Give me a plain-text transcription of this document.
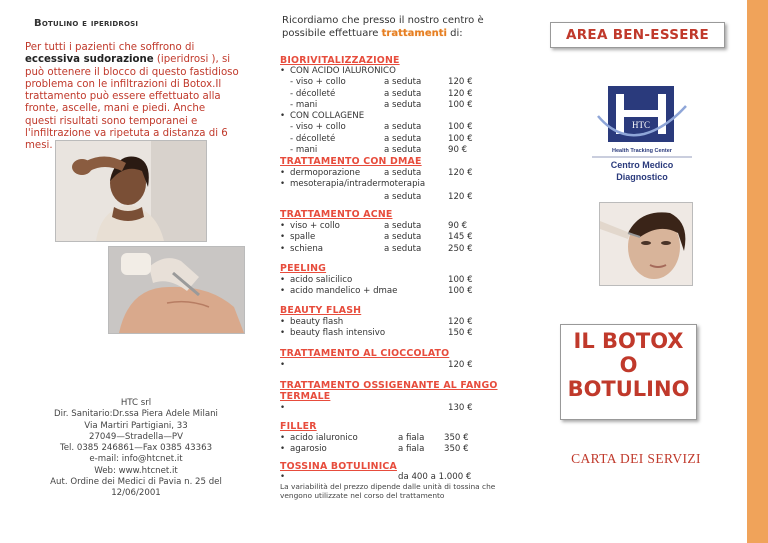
Botulino e iperidrosi
Per tutti i pazienti che soffrono di eccessiva sudorazione (iperidrosi ), si può ottenere il blocco di questo fastidioso problema con le infiltrazioni di Botox.Il trattamento può essere effettuato alla fronte, ascelle, mani e piedi. Anche questi risultati sono temporanei e l'infiltrazione va ripetuta a distanza di 6 mesi.
HTC srl
Dir. Sanitario:Dr.ssa Piera Adele Milani
Via Martiri Partigiani, 33
27049—Stradella—PV
Tel. 0385 246861—Fax 0385 43363
e-mail: info@htcnet.it
Web: www.htcnet.it
Aut. Ordine dei Medici di Pavia n. 25 del 12/06/2001
Ricordiamo che presso il nostro centro è possibile effettuare trattamenti di:
BIORIVITALIZZAZIONE
• CON ACIDO IALURONICO
- viso + collo	a seduta	120 €
- décolleté	a seduta	120 €
- mani	a seduta	100 €
• CON COLLAGENE
- viso + collo	a seduta	100 €
- décolleté	a seduta	100 €
- mani	a seduta	90 €
TRATTAMENTO CON DMAE
• dermoporazione	a seduta	120 €
• mesoterapia/intradermoterapia
a seduta	120 €
TRATTAMENTO ACNE
• viso + collo	a seduta	90 €
• spalle	a seduta	145 €
• schiena	a seduta	250 €
PEELING
• acido salicilico	100 €
• acido mandelico + dmae	100 €
BEAUTY FLASH
• beauty flash	120 €
• beauty flash intensivo	150 €
TRATTAMENTO AL CIOCCOLATO
•	120 €
TRATTAMENTO OSSIGENANTE AL FANGO
TERMALE
•	130 €
FILLER
• acido ialuronico	a fiala 350 €
• agarosio	a fiala 350 €
TOSSINA BOTULINICA
•	da 400 a 1.000 €
La variabilità del prezzo dipende dalle unità di tossina che vengono utilizzate nel corso del trattamento
AREA BEN-ESSERE
HTC
Health Tracking Center
Centro Medico
Diagnostico
IL BOTOX
O
BOTULINO
CARTA DEI SERVIZI
